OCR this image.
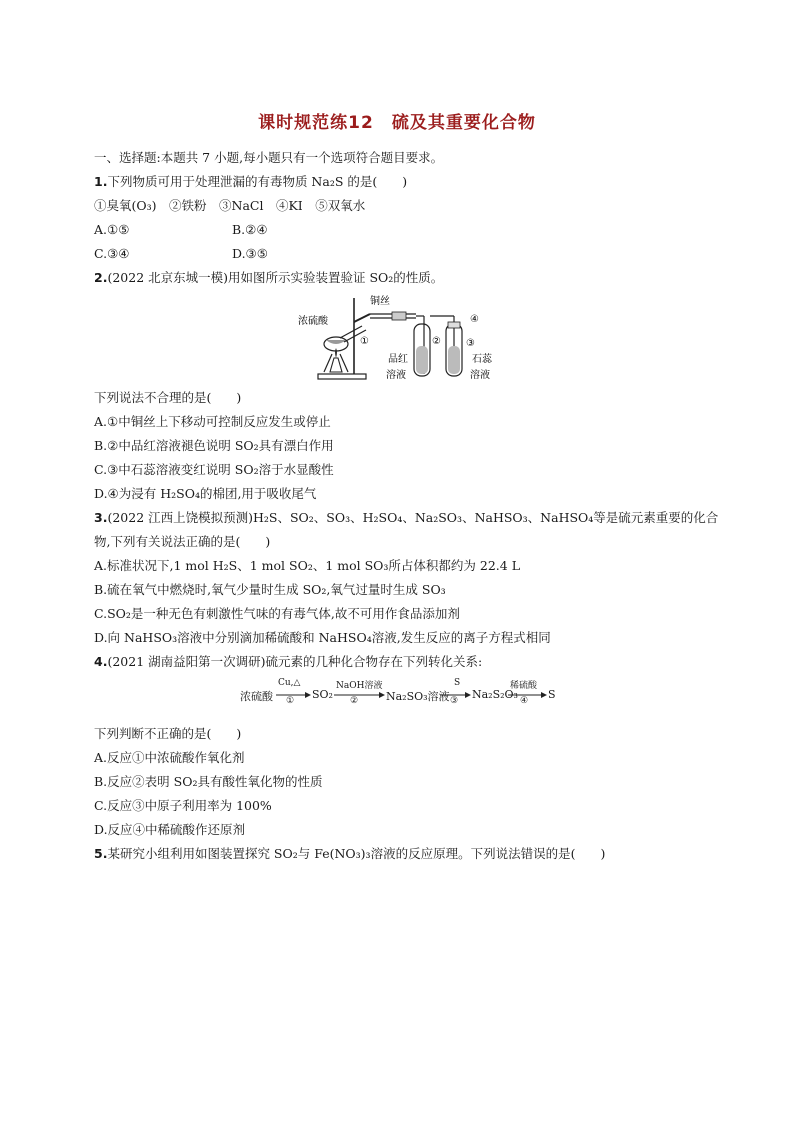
课时规范练12　硫及其重要化合物
一、选择题:本题共 7 小题,每小题只有一个选项符合题目要求。
1.下列物质可用于处理泄漏的有毒物质 Na₂S 的是(　　)
①臭氧(O₃)　②铁粉　③NaCl　④KI　⑤双氧水
A.①⑤	B.②④
C.③④	D.③⑤
2.(2022 北京东城一模)用如图所示实验装置验证 SO₂的性质。
浓硫酸
铜丝
①	②
④
③
品红
溶液
石蕊
溶液
下列说法不合理的是(　　)
A.①中铜丝上下移动可控制反应发生或停止
B.②中品红溶液褪色说明 SO₂具有漂白作用
C.③中石蕊溶液变红说明 SO₂溶于水显酸性
D.④为浸有 H₂SO₄的棉团,用于吸收尾气
3.(2022 江西上饶模拟预测)H₂S、SO₂、SO₃、H₂SO₄、Na₂SO₃、NaHSO₃、NaHSO₄等是硫元素重要的化合
物,下列有关说法正确的是(　　)
A.标准状况下,1 mol H₂S、1 mol SO₂、1 mol SO₃所占体积都约为 22.4 L
B.硫在氧气中燃烧时,氧气少量时生成 SO₂,氧气过量时生成 SO₃
C.SO₂是一种无色有刺激性气味的有毒气体,故不可用作食品添加剂
D.向 NaHSO₃溶液中分别滴加稀硫酸和 NaHSO₄溶液,发生反应的离子方程式相同
4.(2021 湖南益阳第一次调研)硫元素的几种化合物存在下列转化关系:
浓硫酸
Cu,△
① SO₂
NaOH溶液
②	Na₂SO₃溶液
S
③ Na₂S₂O₃
稀硫酸
④ S
下列判断不正确的是(　　)
A.反应①中浓硫酸作氧化剂
B.反应②表明 SO₂具有酸性氧化物的性质
C.反应③中原子利用率为 100%
D.反应④中稀硫酸作还原剂
5.某研究小组利用如图装置探究 SO₂与 Fe(NO₃)₃溶液的反应原理。下列说法错误的是(　　)
